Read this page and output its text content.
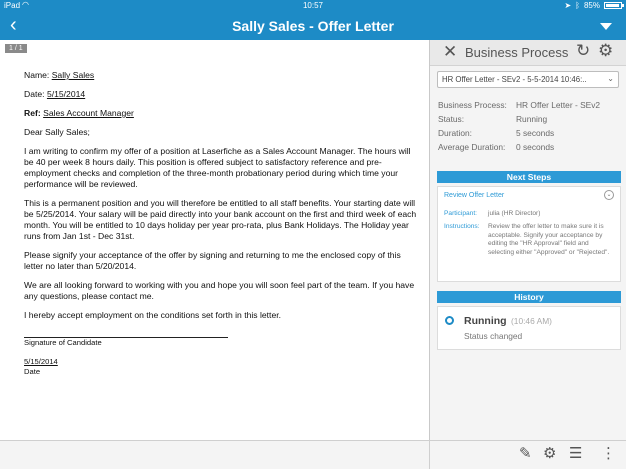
iPad ◠	10:57	➤ ᛒ 85%
‹	Sally Sales - Offer Letter
1 / 1

Name: Sally Sales

Date: 5/15/2014

Ref: Sales Account Manager

Dear Sally Sales;

I am writing to confirm my offer of a position at Laserfiche as a Sales Account Manager. The hours will be 40 per week 8 hours daily. This position is offered subject to satisfactory reference and pre-employment checks and completion of the three-month probationary period during which time your performance will be reviewed.

This is a permanent position and you will therefore be entitled to all staff benefits. Your starting date will be 5/25/2014. Your salary will be paid directly into your bank account on the first and third week of each month. You will be entitled to 10 days holiday per year pro-rata, plus Bank Holidays. The Holiday year runs from Jan 1st - Dec 31st.

Please signify your acceptance of the offer by signing and returning to me the enclosed copy of this letter no later than 5/20/2014.

We are all looking forward to working with you and hope you will soon feel part of the team. If you have any questions, please contact me.

I hereby accept employment on the conditions set forth in this letter.

Signature of Candidate

5/15/2014

Date

✕ Business Process ↻ ⚙
HR Offer Letter - SEv2 - 5-5-2014 10:46:..	⌄
Business Process:	HR Offer Letter - SEv2
Status:	Running
Duration:	5 seconds
Average Duration:	0 seconds
Next Steps
Review Offer Letter	⌄
Participant: julia (HR Director)
Instructions: Review the offer letter to make sure it is acceptable. Signify your acceptance by editing the "HR Approval" field and selecting either "Approved" or "Rejected".
History
Running (10:46 AM)
Status changed
✎ ⚙ ☰ ⋮
